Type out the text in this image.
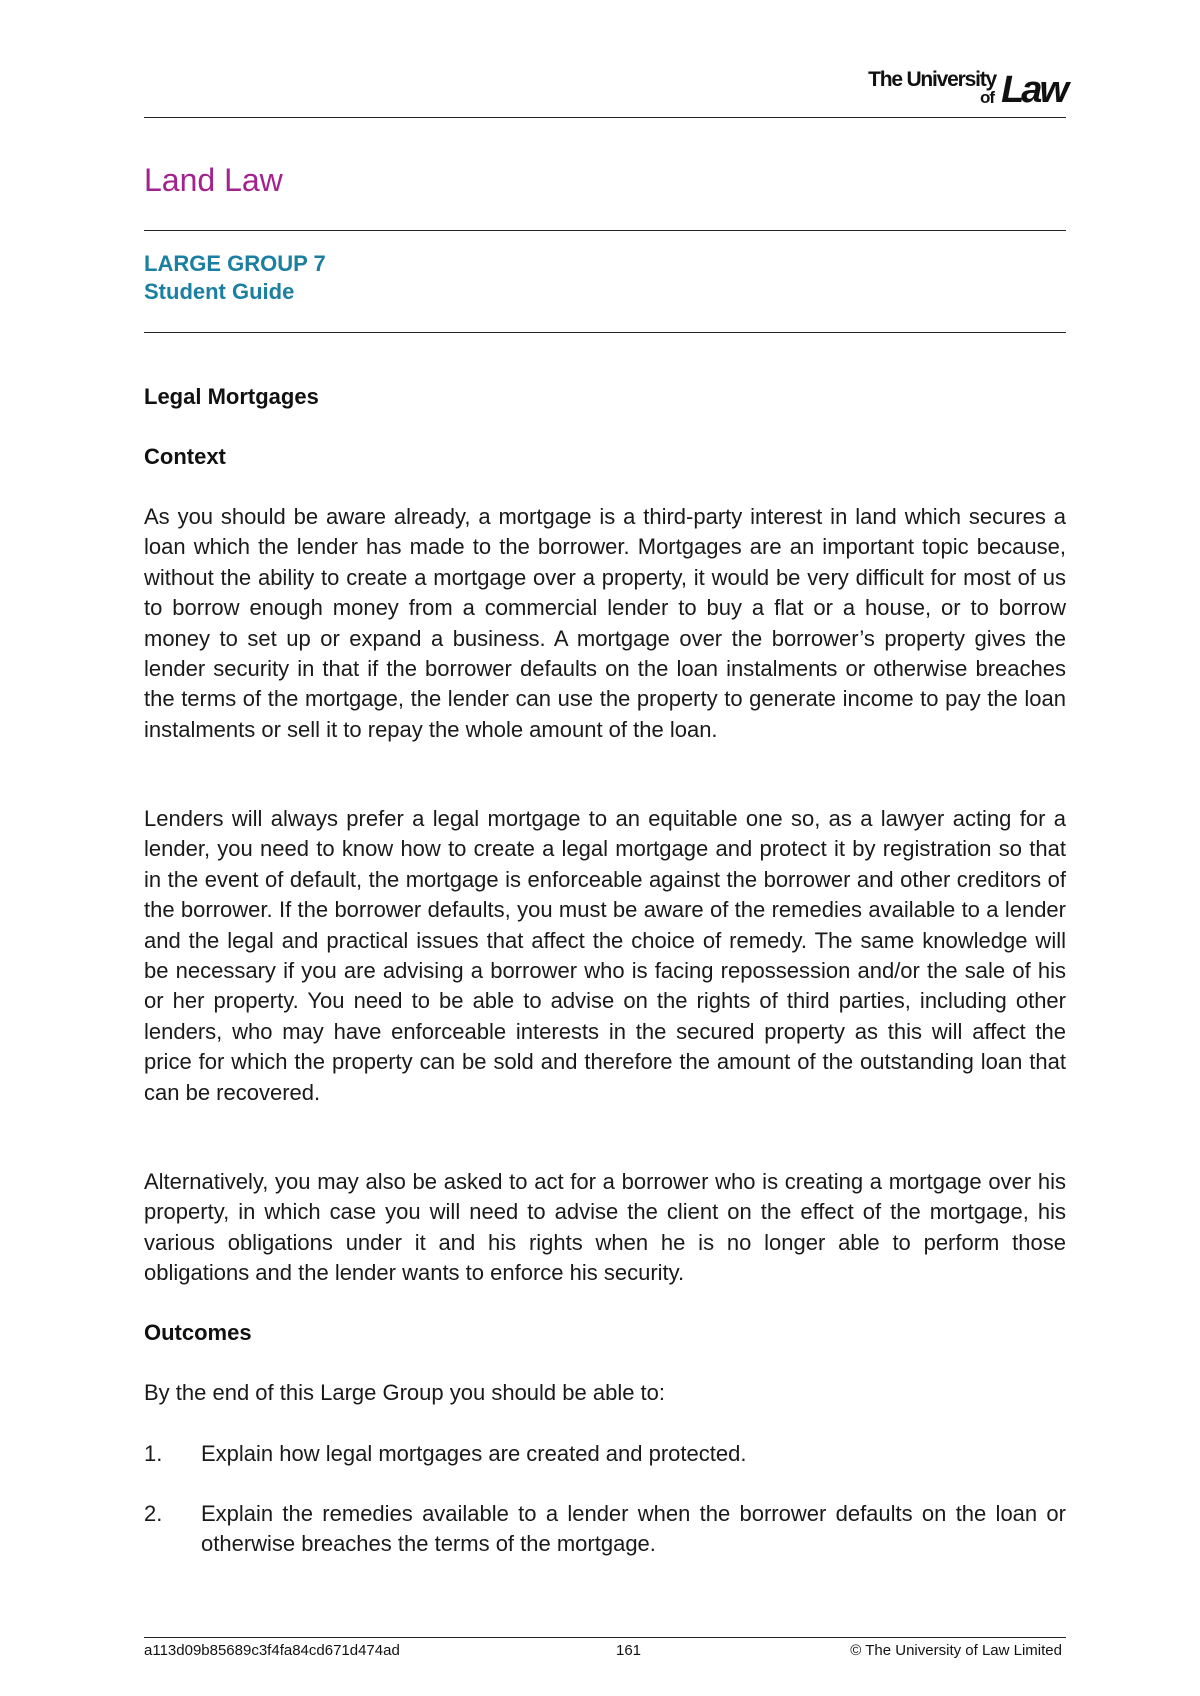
The University
of Law
Land Law
LARGE GROUP 7
Student Guide
Legal Mortgages
Context
As you should be aware already, a mortgage is a third-party interest in land which secures a loan which the lender has made to the borrower. Mortgages are an important topic because, without the ability to create a mortgage over a property, it would be very difficult for most of us to borrow enough money from a commercial lender to buy a flat or a house, or to borrow money to set up or expand a business. A mortgage over the borrower’s property gives the lender security in that if the borrower defaults on the loan instalments or otherwise breaches the terms of the mortgage, the lender can use the property to generate income to pay the loan instalments or sell it to repay the whole amount of the loan.
Lenders will always prefer a legal mortgage to an equitable one so, as a lawyer acting for a lender, you need to know how to create a legal mortgage and protect it by registration so that in the event of default, the mortgage is enforceable against the borrower and other creditors of the borrower. If the borrower defaults, you must be aware of the remedies available to a lender and the legal and practical issues that affect the choice of remedy. The same knowledge will be necessary if you are advising a borrower who is facing repossession and/or the sale of his or her property. You need to be able to advise on the rights of third parties, including other lenders, who may have enforceable interests in the secured property as this will affect the price for which the property can be sold and therefore the amount of the outstanding loan that can be recovered.
Alternatively, you may also be asked to act for a borrower who is creating a mortgage over his property, in which case you will need to advise the client on the effect of the mortgage, his various obligations under it and his rights when he is no longer able to perform those obligations and the lender wants to enforce his security.
Outcomes
By the end of this Large Group you should be able to:
1. Explain how legal mortgages are created and protected.
2. Explain the remedies available to a lender when the borrower defaults on the loan or otherwise breaches the terms of the mortgage.
a113d09b85689c3f4fa84cd671d474ad	161	© The University of Law Limited
